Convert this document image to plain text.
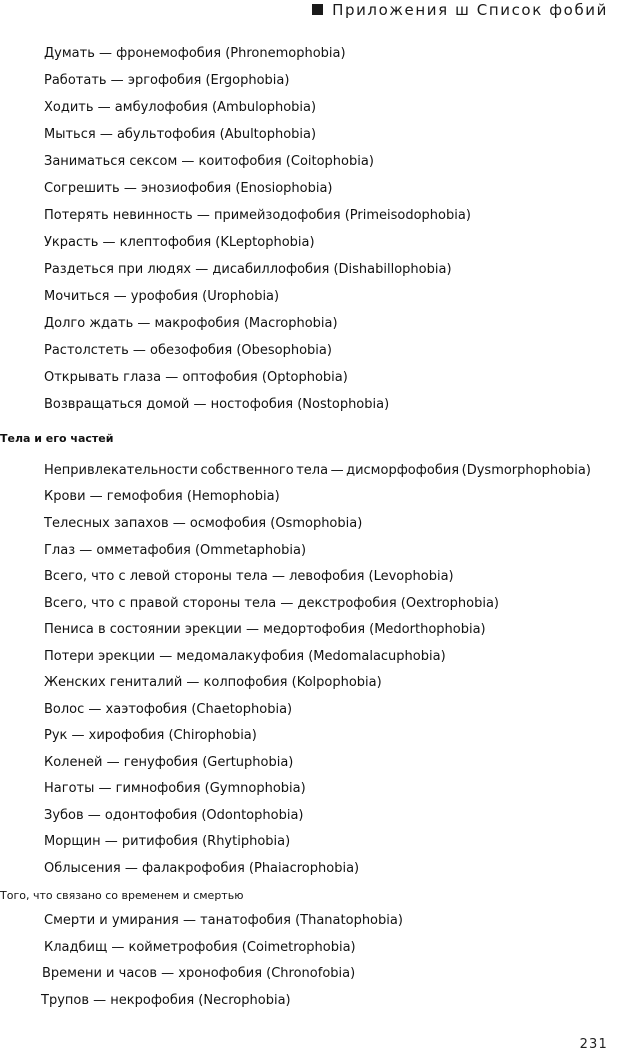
Приложения ш Список фобий
Думать — фронемофобия (Phronemophobia)
Работать — эргофобия (Ergophobia)
Ходить — амбулофобия (Ambulophobia)
Мыться — абультофобия (Abultophobia)
Заниматься сексом — коитофобия (Coitophobia)
Согрешить — энозиофобия (Enosiophobia)
Потерять невинность — примейзодофобия (Primeisodophobia)
Украсть — клептофобия (KLeptophobia)
Раздеться при людях — дисабиллофобия (Dishabillophobia)
Мочиться — урофобия (Urophobia)
Долго ждать — макрофобия (Macrophobia)
Растолстеть — обезофобия (Obesophobia)
Открывать глаза — оптофобия (Optophobia)
Возвращаться домой — ностофобия (Nostophobia)
Тела и его частей
Непривлекательности собственного тела — дисморфофобия (Dysmorphophobia)
Крови — гемофобия (Hemophobia)
Телесных запахов — осмофобия (Osmophobia)
Глаз — омметафобия (Ommetaphobia)
Всего, что с левой стороны тела — левофобия (Levophobia)
Всего, что с правой стороны тела — декстрофобия (Oextrophobia)
Пениса в состоянии эрекции — медортофобия (Medorthophobia)
Потери эрекции — медомалакуфобия (Medomalacuphobia)
Женских гениталий — колпофобия (Kolpophobia)
Волос — хаэтофобия (Chaetophobia)
Рук — хирофобия (Chirophobia)
Коленей — генуфобия (Gertuphobia)
Наготы — гимнофобия (Gymnophobia)
Зубов — одонтофобия (Odontophobia)
Морщин — ритифобия (Rhytiphobia)
Облысения — фалакрофобия (Phaiacrophobia)
Того, что связано со временем и смертью
Смерти и умирания — танатофобия (Thanatophobia)
Кладбищ — койметрофобия (Coimetrophobia)
Времени и часов — хронофобия (Chronofobia)
Трупов — некрофобия (Necrophobia)
231
